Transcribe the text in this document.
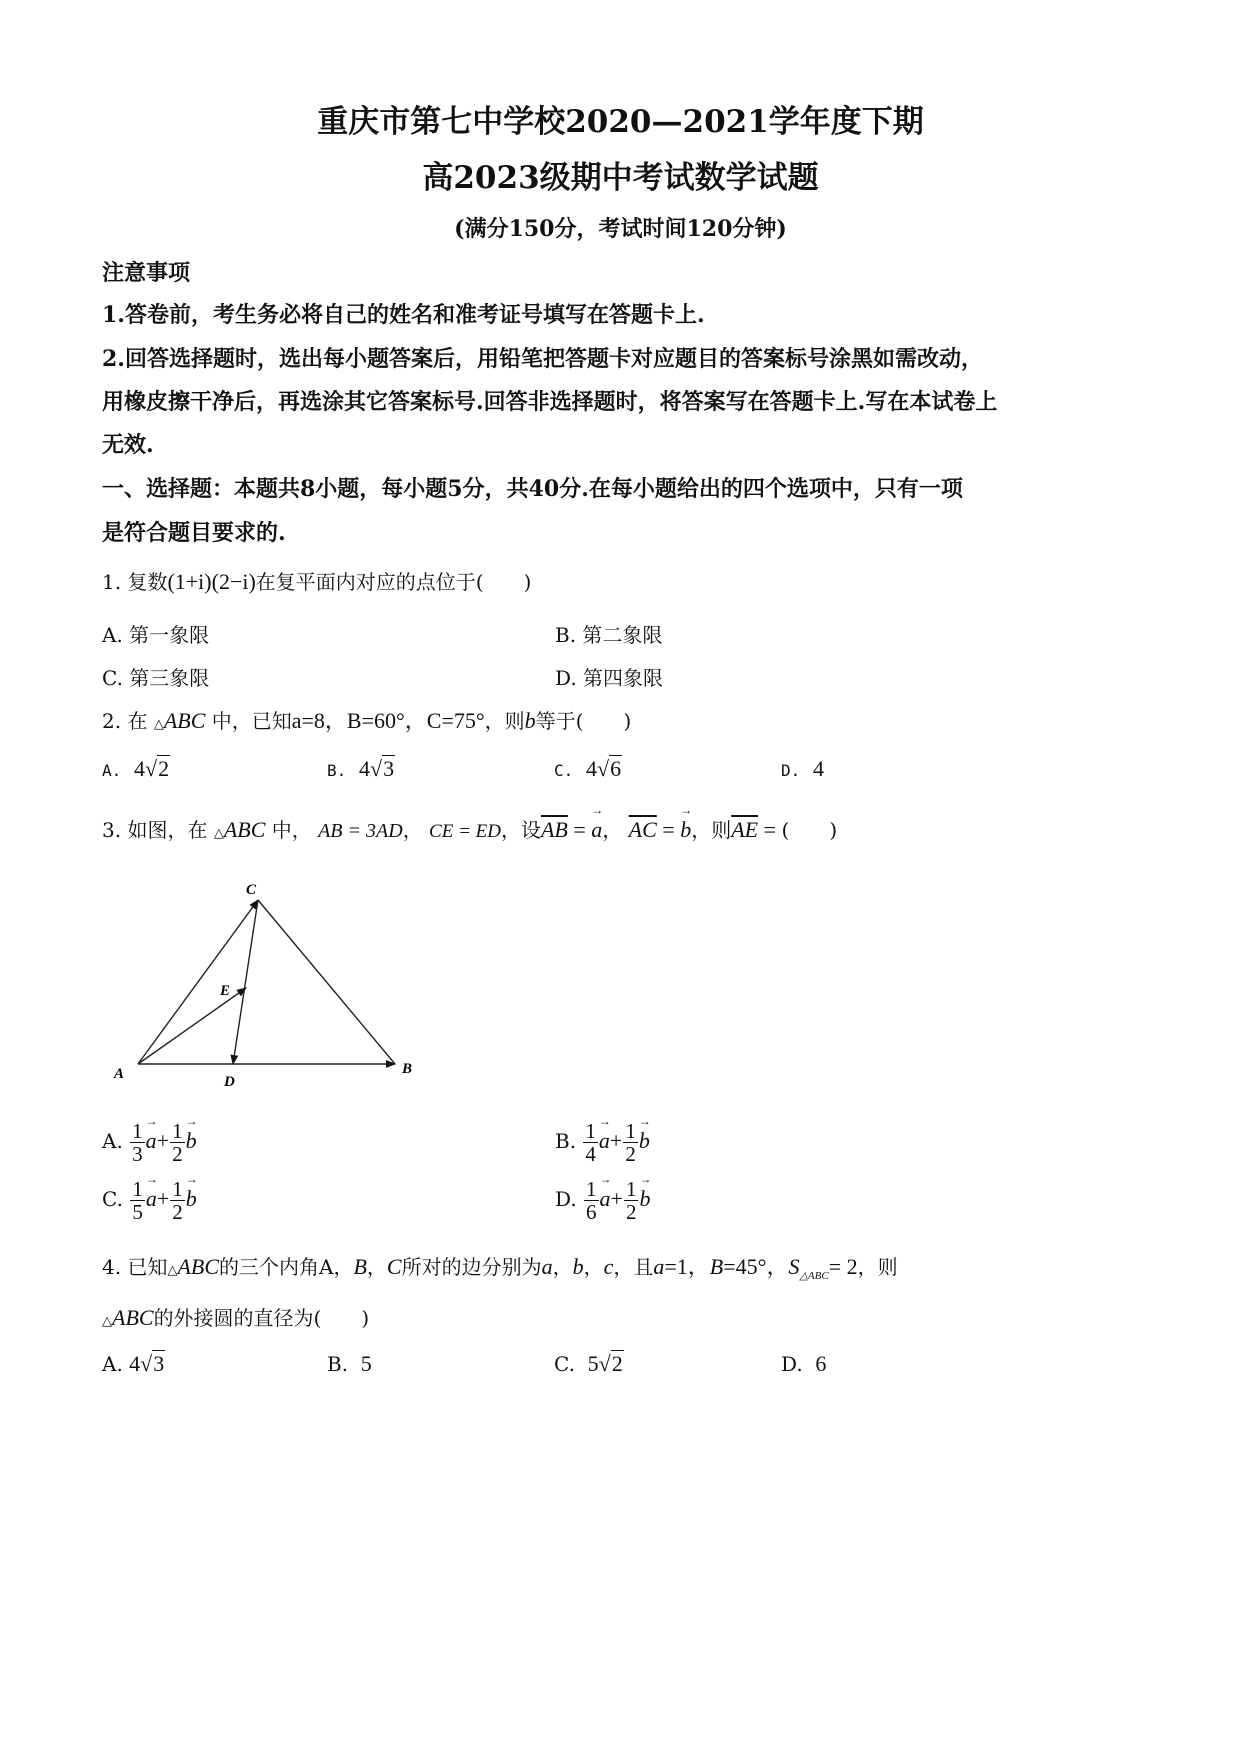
重庆市第七中学校2020—2021学年度下期
高2023级期中考试数学试题
(满分150分，考试时间120分钟)
注意事项
1.答卷前，考生务必将自己的姓名和准考证号填写在答题卡上.
2.回答选择题时，选出每小题答案后，用铅笔把答题卡对应题目的答案标号涂黑如需改动，
用橡皮擦干净后，再选涂其它答案标号.回答非选择题时，将答案写在答题卡上.写在本试卷上
无效.
一、选择题：本题共8小题，每小题5分，共40分.在每小题给出的四个选项中，只有一项
是符合题目要求的.
1. 复数(1+i)(2−i)在复平面内对应的点位于(　　)
A. 第一象限	B. 第二象限
C. 第三象限	D. 第四象限
2. 在 △ABC 中，已知a=8，B=60°，C=75°，则b等于(　　)
A. 4√2	B. 4√3	C. 4√6	D. 4
3. 如图，在 △ABC 中， AB = 3AD， CE = ED，设$\overline{AB}$ = → a， $\overline{AC}$ = → b，则$\overline{AE}$ = (　　)
C
E
A	D
B
A. $\frac{1}{3} \to a+ \frac{1}{2} \to b$	B. $\frac{1}{4} \to a+ \frac{1}{2} \to b$
C. $\frac{1}{5} \to a+ \frac{1}{2} \to b$	D. $\frac{1}{6} \to a+ \frac{1}{2} \to b$
4. 已知△ABC的三个内角A，B，C所对的边分别为a，b，c，且a=1，B=45°，$S_{\triangle ABC}= 2$，则
△ABC的外接圆的直径为(　　)
A. 4√3	B. 5	C. 5√2	D. 6
